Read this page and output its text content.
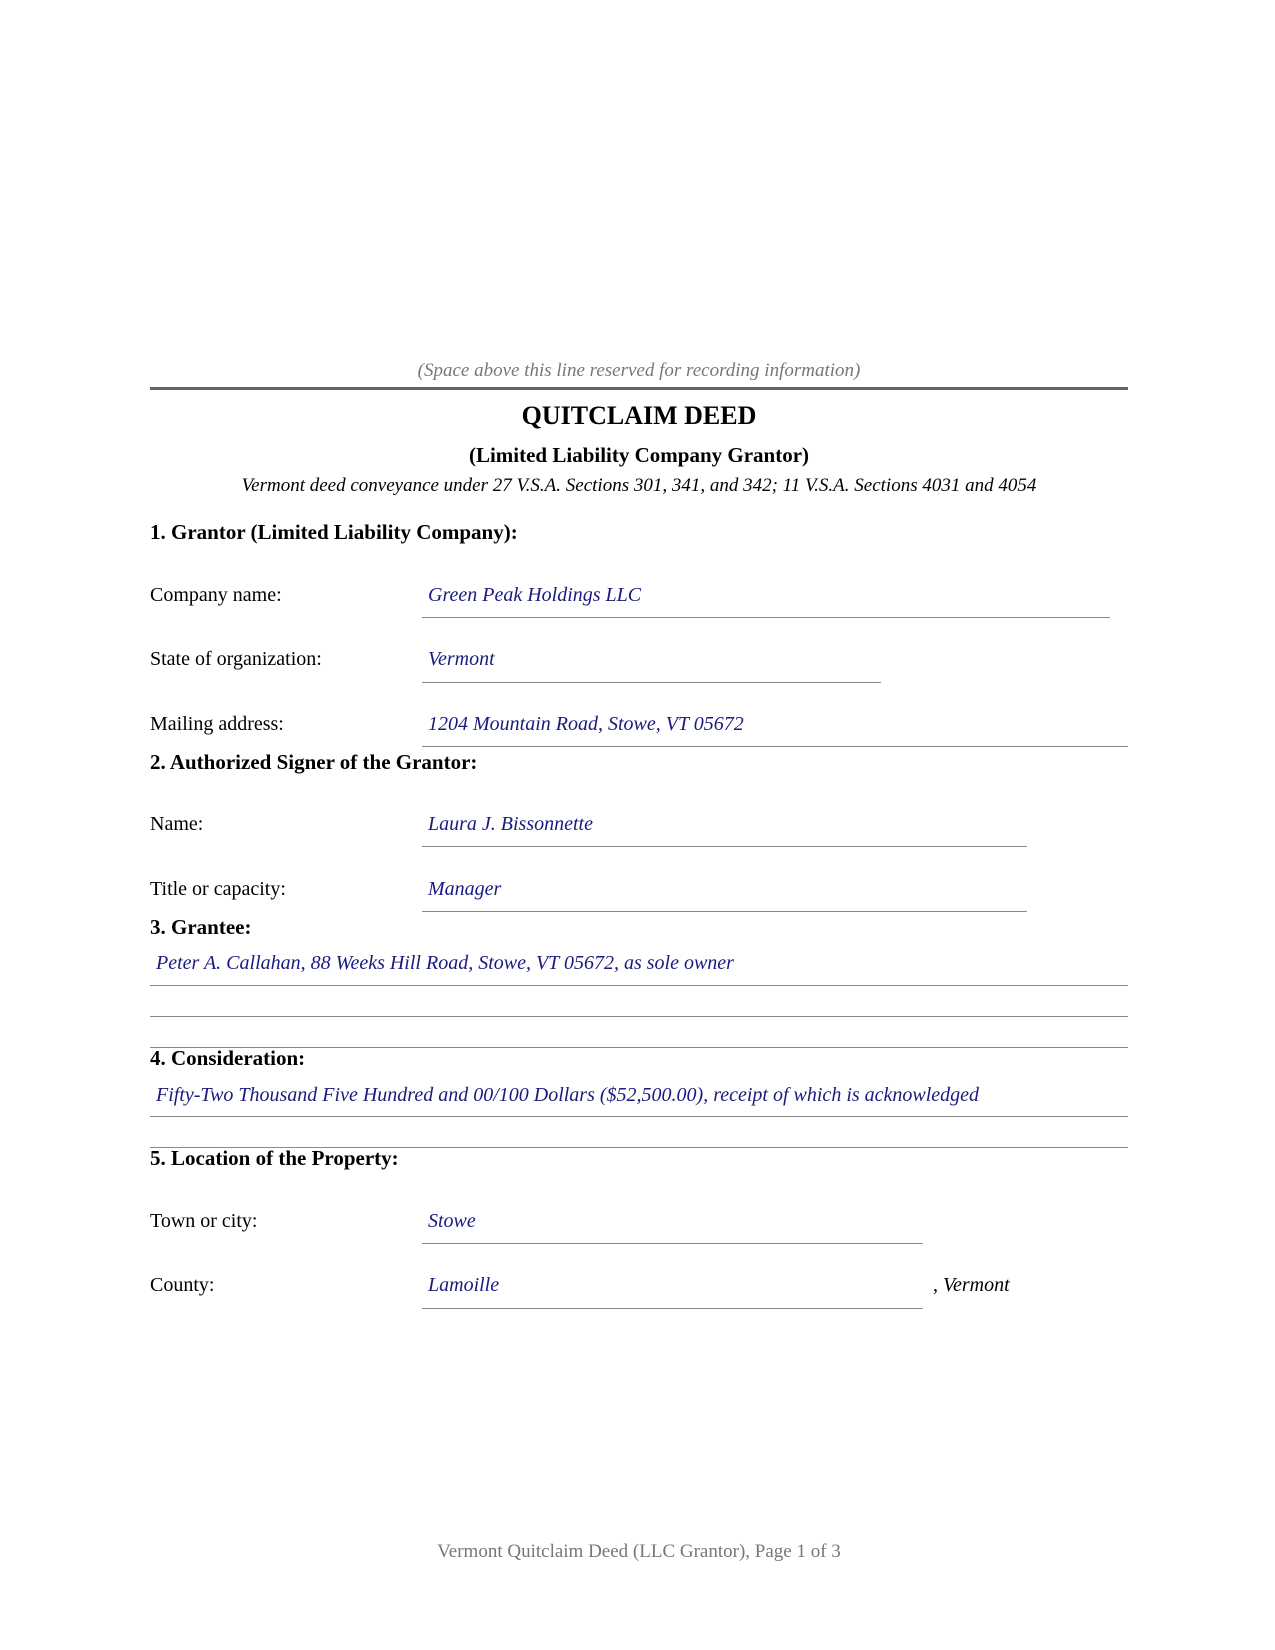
(Space above this line reserved for recording information)
QUITCLAIM DEED
(Limited Liability Company Grantor)
Vermont deed conveyance under 27 V.S.A. Sections 301, 341, and 342; 11 V.S.A. Sections 4031 and 4054
1. Grantor (Limited Liability Company):
Company name:	Green Peak Holdings LLC
State of organization:	Vermont
Mailing address:	1204 Mountain Road, Stowe, VT 05672
2. Authorized Signer of the Grantor:
Name:	Laura J. Bissonnette
Title or capacity:	Manager
3. Grantee:
Peter A. Callahan, 88 Weeks Hill Road, Stowe, VT 05672, as sole owner
4. Consideration:
Fifty-Two Thousand Five Hundred and 00/100 Dollars ($52,500.00), receipt of which is acknowledged
5. Location of the Property:
Town or city:	Stowe
County:	Lamoille	, Vermont
Vermont Quitclaim Deed (LLC Grantor), Page 1 of 3
